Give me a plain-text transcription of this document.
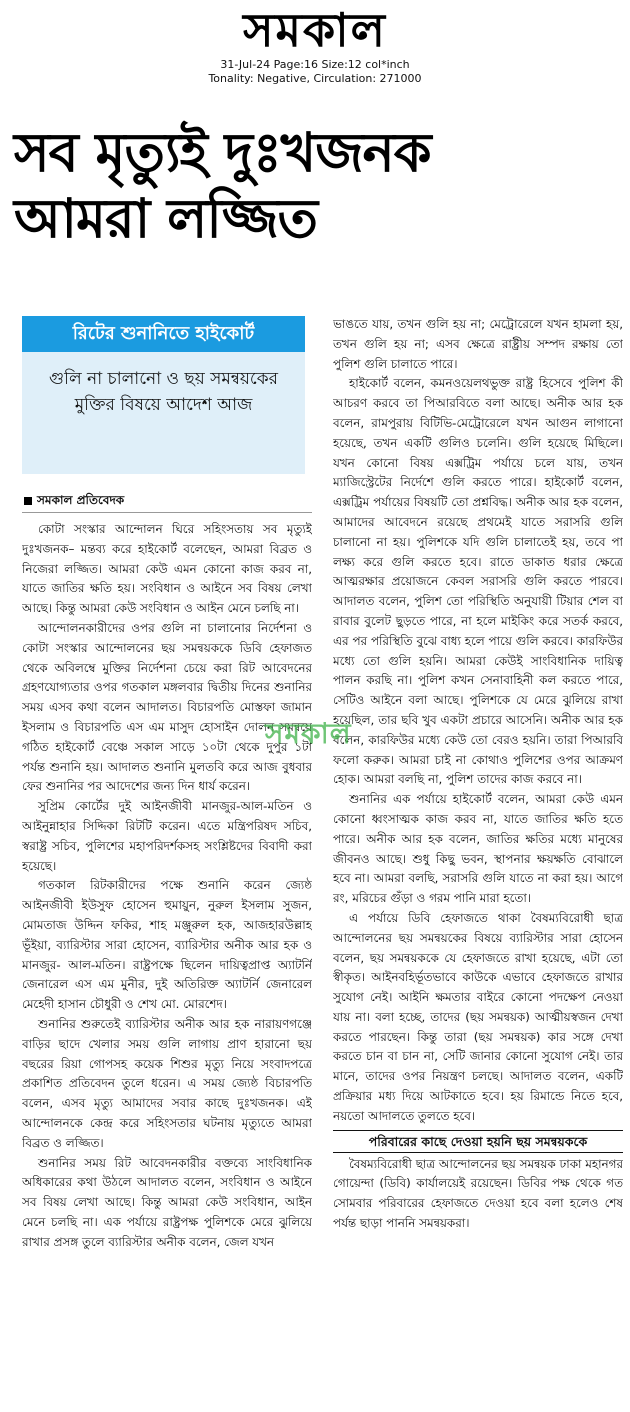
সমকাল
31-Jul-24 Page:16 Size:12 col*inch
Tonality: Negative, Circulation: 271000
সব মৃত্যুই দুঃখজনক
আমরা লজ্জিত
রিটের শুনানিতে হাইকোর্ট
গুলি না চালানো ও ছয় সমন্বয়কের মুক্তির বিষয়ে আদেশ আজ
সমকাল প্রতিবেদক

কোটা সংস্কার আন্দোলন ঘিরে সহিংসতায় সব মৃত্যুই দুঃখজনক– মন্তব্য করে হাইকোর্ট বলেছেন, আমরা বিব্রত ও নিজেরা লজ্জিত। আমরা কেউ এমন কোনো কাজ করব না, যাতে জাতির ক্ষতি হয়। সংবিধান ও আইনে সব বিষয় লেখা আছে। কিন্তু আমরা কেউ সংবিধান ও আইন মেনে চলছি না।

আন্দোলনকারীদের ওপর গুলি না চালানোর নির্দেশনা ও কোটা সংস্কার আন্দোলনের ছয় সমন্বয়ককে ডিবি হেফাজত থেকে অবিলম্বে মুক্তির নির্দেশনা চেয়ে করা রিট আবেদনের গ্রহণযোগ্যতার ওপর গতকাল মঙ্গলবার দ্বিতীয় দিনের শুনানির সময় এসব কথা বলেন আদালত। বিচারপতি মোস্তফা জামান ইসলাম ও বিচারপতি এস এম মাসুদ হোসাইন দোলন সমন্বয়ে গঠিত হাইকোর্ট বেঞ্চে সকাল সাড়ে ১০টা থেকে দুপুর ১টা পর্যন্ত শুনানি হয়। আদালত শুনানি মুলতবি করে আজ বুধবার ফের শুনানির পর আদেশের জন্য দিন ধার্য করেন।

সুপ্রিম কোর্টের দুই আইনজীবী মানজুর-আল-মতিন ও আইনুন্নাহার সিদ্দিকা রিটটি করেন। এতে মন্ত্রিপরিষদ সচিব, স্বরাষ্ট্র সচিব, পুলিশের মহাপরিদর্শকসহ সংশ্লিষ্টদের বিবাদী করা হয়েছে।

গতকাল রিটকারীদের পক্ষে শুনানি করেন জ্যেষ্ঠ আইনজীবী ইউসুফ হোসেন হুমায়ুন, নুরুল ইসলাম সুজন, মোমতাজ উদ্দিন ফকির, শাহ মঞ্জুরুল হক, আজহারউল্লাহ ভূঁইয়া, ব্যারিস্টার সারা হোসেন, ব্যারিস্টার অনীক আর হক ও মানজুর- আল-মতিন। রাষ্ট্রপক্ষে ছিলেন দায়িত্বপ্রাপ্ত অ্যাটর্নি জেনারেল এস এম মুনীর, দুই অতিরিক্ত অ্যাটর্নি জেনারেল মেহেদী হাসান চৌধুরী ও শেখ মো. মোরশেদ।

শুনানির শুরুতেই ব্যারিস্টার অনীক আর হক নারায়ণগঞ্জে বাড়ির ছাদে খেলার সময় গুলি লাগায় প্রাণ হারানো ছয় বছরের রিয়া গোপসহ কয়েক শিশুর মৃত্যু নিয়ে সংবাদপত্রে প্রকাশিত প্রতিবেদন তুলে ধরেন। এ সময় জ্যেষ্ঠ বিচারপতি বলেন, এসব মৃত্যু আমাদের সবার কাছে দুঃখজনক। এই আন্দোলনকে কেন্দ্র করে সহিংসতার ঘটনায় মৃত্যুতে আমরা বিব্রত ও লজ্জিত।

শুনানির সময় রিট আবেদনকারীর বক্তব্যে সাংবিধানিক অধিকারের কথা উঠলে আদালত বলেন, সংবিধান ও আইনে সব বিষয় লেখা আছে। কিন্তু আমরা কেউ সংবিধান, আইন মেনে চলছি না। এক পর্যায়ে রাষ্ট্রপক্ষ পুলিশকে মেরে ঝুলিয়ে রাখার প্রসঙ্গ তুলে ব্যারিস্টার অনীক বলেন, জেল যখন

ভাঙতে যায়, তখন গুলি হয় না; মেট্রোরেলে যখন হামলা হয়, তখন গুলি হয় না; এসব ক্ষেত্রে রাষ্ট্রীয় সম্পদ রক্ষায় তো পুলিশ গুলি চালাতে পারে।

হাইকোর্ট বলেন, কমনওয়েলথভুক্ত রাষ্ট্র হিসেবে পুলিশ কী আচরণ করবে তা পিআরবিতে বলা আছে। অনীক আর হক বলেন, রামপুরায় বিটিভি-মেট্রোরেলে যখন আগুন লাগানো হয়েছে, তখন একটি গুলিও চলেনি। গুলি হয়েছে মিছিলে। যখন কোনো বিষয় এক্সট্রিম পর্যায়ে চলে যায়, তখন ম্যাজিস্ট্রেটের নির্দেশে গুলি করতে পারে। হাইকোর্ট বলেন, এক্সট্রিম পর্যায়ের বিষয়টি তো প্রশ্নবিদ্ধ। অনীক আর হক বলেন, আমাদের আবেদনে রয়েছে প্রথমেই যাতে সরাসরি গুলি চালানো না হয়। পুলিশকে যদি গুলি চালাতেই হয়, তবে পা লক্ষ্য করে গুলি করতে হবে। রাতে ডাকাত ধরার ক্ষেত্রে আত্মরক্ষার প্রয়োজনে কেবল সরাসরি গুলি করতে পারবে। আদালত বলেন, পুলিশ তো পরিস্থিতি অনুযায়ী টিয়ার শেল বা রাবার বুলেট ছুড়তে পারে, না হলে মাইকিং করে সতর্ক করবে, এর পর পরিস্থিতি বুঝে বাধ্য হলে পায়ে গুলি করবে। কারফিউর মধ্যে তো গুলি হয়নি। আমরা কেউই সাংবিধানিক দায়িত্ব পালন করছি না। পুলিশ কখন সেনাবাহিনী কল করতে পারে, সেটিও আইনে বলা আছে। পুলিশকে যে মেরে ঝুলিয়ে রাখা হয়েছিল, তার ছবি খুব একটা প্রচারে আসেনি। অনীক আর হক বলেন, কারফিউর মধ্যে কেউ তো বেরও হয়নি। তারা পিআরবি ফলো করুক। আমরা চাই না কোথাও পুলিশের ওপর আক্রমণ হোক। আমরা বলছি না, পুলিশ তাদের কাজ করবে না।

শুনানির এক পর্যায়ে হাইকোর্ট বলেন, আমরা কেউ এমন কোনো ধ্বংসাত্মক কাজ করব না, যাতে জাতির ক্ষতি হতে পারে। অনীক আর হক বলেন, জাতির ক্ষতির মধ্যে মানুষের জীবনও আছে। শুধু কিছু ভবন, স্থাপনার ক্ষয়ক্ষতি বোঝালে হবে না। আমরা বলছি, সরাসরি গুলি যাতে না করা হয়। আগে রং, মরিচের গুঁড়া ও গরম পানি মারা হতো।

এ পর্যায়ে ডিবি হেফাজতে থাকা বৈষম্যবিরোধী ছাত্র আন্দোলনের ছয় সমন্বয়কের বিষয়ে ব্যারিস্টার সারা হোসেন বলেন, ছয় সমন্বয়ককে যে হেফাজতে রাখা হয়েছে, এটা তো স্বীকৃত। আইনবহির্ভূতভাবে কাউকে এভাবে হেফাজতে রাখার সুযোগ নেই। আইনি ক্ষমতার বাইরে কোনো পদক্ষেপ নেওয়া যায় না। বলা হচ্ছে, তাদের (ছয় সমন্বয়ক) আত্মীয়স্বজন দেখা করতে পারছেন। কিন্তু তারা (ছয় সমন্বয়ক) কার সঙ্গে দেখা করতে চান বা চান না, সেটি জানার কোনো সুযোগ নেই। তার মানে, তাদের ওপর নিয়ন্ত্রণ চলছে। আদালত বলেন, একটি প্রক্রিয়ার মধ্য দিয়ে আটকাতে হবে। হয় রিমান্ডে নিতে হবে, নয়তো আদালতে তুলতে হবে।

পরিবারের কাছে দেওয়া হয়নি ছয় সমন্বয়ককে

বৈষম্যবিরোধী ছাত্র আন্দোলনের ছয় সমন্বয়ক ঢাকা মহানগর গোয়েন্দা (ডিবি) কার্যালয়েই রয়েছেন। ডিবির পক্ষ থেকে গত সোমবার পরিবারের হেফাজতে দেওয়া হবে বলা হলেও শেষ পর্যন্ত ছাড়া পাননি সমন্বয়করা।

সমকাল
